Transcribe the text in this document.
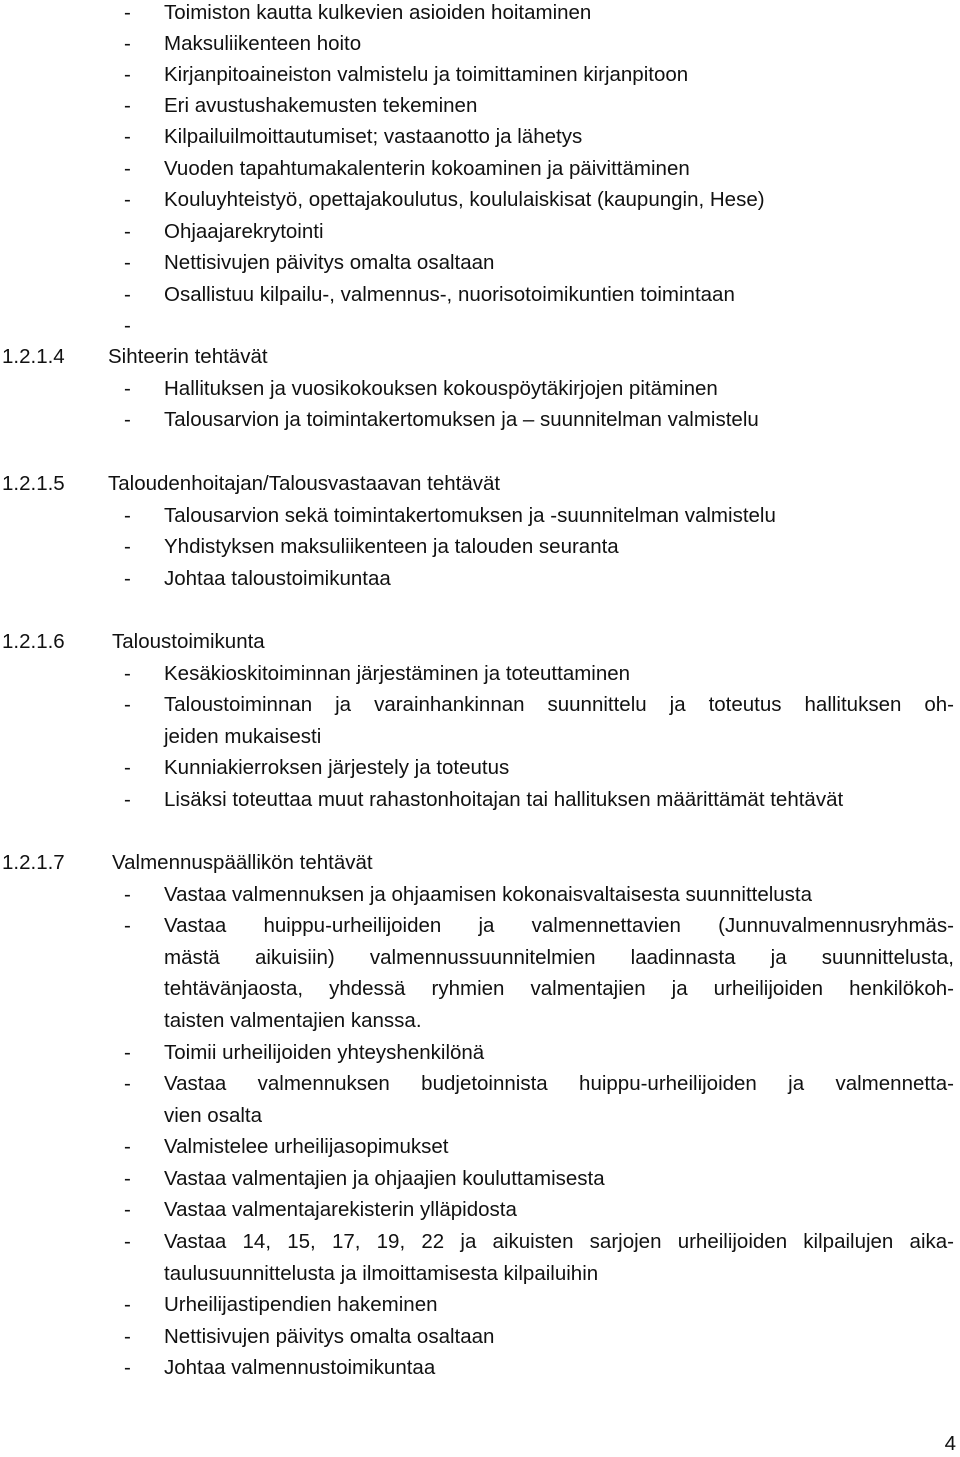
- Toimiston kautta kulkevien asioiden hoitaminen
- Maksuliikenteen hoito
- Kirjanpitoaineiston valmistelu ja toimittaminen kirjanpitoon
- Eri avustushakemusten tekeminen
- Kilpailuilmoittautumiset; vastaanotto ja lähetys
- Vuoden tapahtumakalenterin kokoaminen ja päivittäminen
- Kouluyhteistyö, opettajakoulutus, koululaiskisat (kaupungin, Hese)
- Ohjaajarekrytointi
- Nettisivujen päivitys omalta osaltaan
- Osallistuu kilpailu-, valmennus-, nuorisotoimikuntien toimintaan
-
1.2.1.4 Sihteerin tehtävät
- Hallituksen ja vuosikokouksen kokouspöytäkirjojen pitäminen
- Talousarvion ja toimintakertomuksen ja – suunnitelman valmistelu
1.2.1.5 Taloudenhoitajan/Talousvastaavan tehtävät
- Talousarvion sekä toimintakertomuksen ja -suunnitelman valmistelu
- Yhdistyksen maksuliikenteen ja talouden seuranta
- Johtaa taloustoimikuntaa
1.2.1.6 Taloustoimikunta
- Kesäkioskitoiminnan järjestäminen ja toteuttaminen
- Taloustoiminnan ja varainhankinnan suunnittelu ja toteutus hallituksen oh-
jeiden mukaisesti
- Kunniakierroksen järjestely ja toteutus
- Lisäksi toteuttaa muut rahastonhoitajan tai hallituksen määrittämät tehtävät
1.2.1.7 Valmennuspäällikön tehtävät
- Vastaa valmennuksen ja ohjaamisen kokonaisvaltaisesta suunnittelusta
- Vastaa huippu-urheilijoiden ja valmennettavien (Junnuvalmennusryhmäs-
mästä aikuisiin) valmennussuunnitelmien laadinnasta ja suunnittelusta,
tehtävänjaosta, yhdessä ryhmien valmentajien ja urheilijoiden henkilökoh-
taisten valmentajien kanssa.
- Toimii urheilijoiden yhteyshenkilönä
- Vastaa valmennuksen budjetoinnista huippu-urheilijoiden ja valmennetta-
vien osalta
- Valmistelee urheilijasopimukset
- Vastaa valmentajien ja ohjaajien kouluttamisesta
- Vastaa valmentajarekisterin ylläpidosta
- Vastaa 14, 15, 17, 19, 22 ja aikuisten sarjojen urheilijoiden kilpailujen aika-
taulusuunnittelusta ja ilmoittamisesta kilpailuihin
- Urheilijastipendien hakeminen
- Nettisivujen päivitys omalta osaltaan
- Johtaa valmennustoimikuntaa
4
